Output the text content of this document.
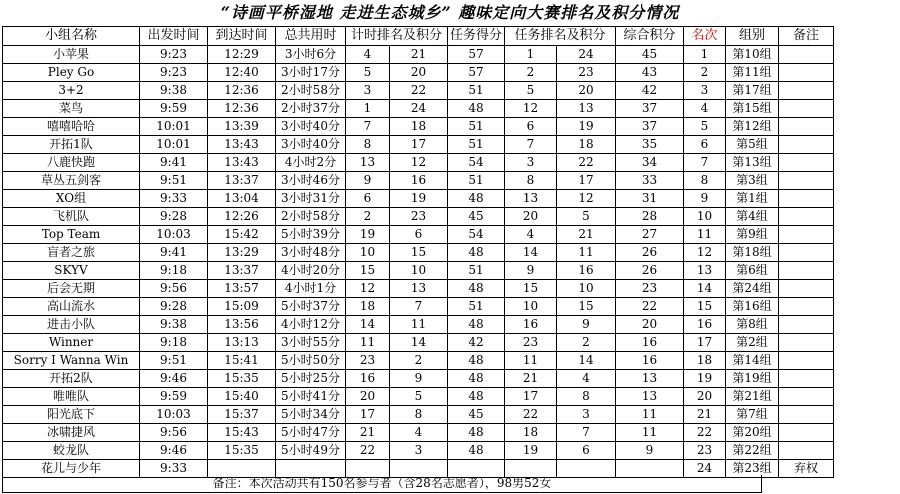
“诗画平桥湿地 走进生态城乡” 趣味定向大赛排名及积分情况
小组名称	出发时间	到达时间	总共用时	计时排名及积分		任务得分	任务排名及积分		综合积分	名次	组别	备注
小苹果	9:23	12:29	3小时6分	4	21	57	1	24	45	1	第10组	
Pley Go	9:23	12:40	3小时17分	5	20	57	2	23	43	2	第11组	
3+2	9:38	12:36	2小时58分	3	22	51	5	20	42	3	第17组	
菜鸟	9:59	12:36	2小时37分	1	24	48	12	13	37	4	第15组	
嘻嘻哈哈	10:01	13:39	3小时40分	7	18	51	6	19	37	5	第12组	
开拓1队	10:01	13:43	3小时40分	8	17	51	7	18	35	6	第5组	
八鹿快跑	9:41	13:43	4小时2分	13	12	54	3	22	34	7	第13组	
草丛五剑客	9:51	13:37	3小时46分	9	16	51	8	17	33	8	第3组	
XO组	9:33	13:04	3小时31分	6	19	48	13	12	31	9	第1组	
飞机队	9:28	12:26	2小时58分	2	23	45	20	5	28	10	第4组	
Top Team	10:03	15:42	5小时39分	19	6	54	4	21	27	11	第9组	
盲者之旅	9:41	13:29	3小时48分	10	15	48	14	11	26	12	第18组	
SKYV	9:18	13:37	4小时20分	15	10	51	9	16	26	13	第6组	
后会无期	9:56	13:57	4小时1分	12	13	48	15	10	23	14	第24组	
高山流水	9:28	15:09	5小时37分	18	7	51	10	15	22	15	第16组	
进击小队	9:38	13:56	4小时12分	14	11	48	16	9	20	16	第8组	
Winner	9:18	13:13	3小时55分	11	14	42	23	2	16	17	第2组	
Sorry I Wanna Win	9:51	15:41	5小时50分	23	2	48	11	14	16	18	第14组	
开拓2队	9:46	15:35	5小时25分	16	9	48	21	4	13	19	第19组	
唯唯队	9:59	15:40	5小时41分	20	5	48	17	8	13	20	第21组	
阳光底下	10:03	15:37	5小时34分	17	8	45	22	3	11	21	第7组	
冰啸捷风	9:56	15:43	5小时47分	21	4	48	18	7	11	22	第20组	
蛟龙队	9:46	15:35	5小时49分	22	3	48	19	6	9	23	第22组	
花儿与少年	9:33									24	第23组	弃权
备注：本次活动共有150名参与者（含28名志愿者），98男52女
